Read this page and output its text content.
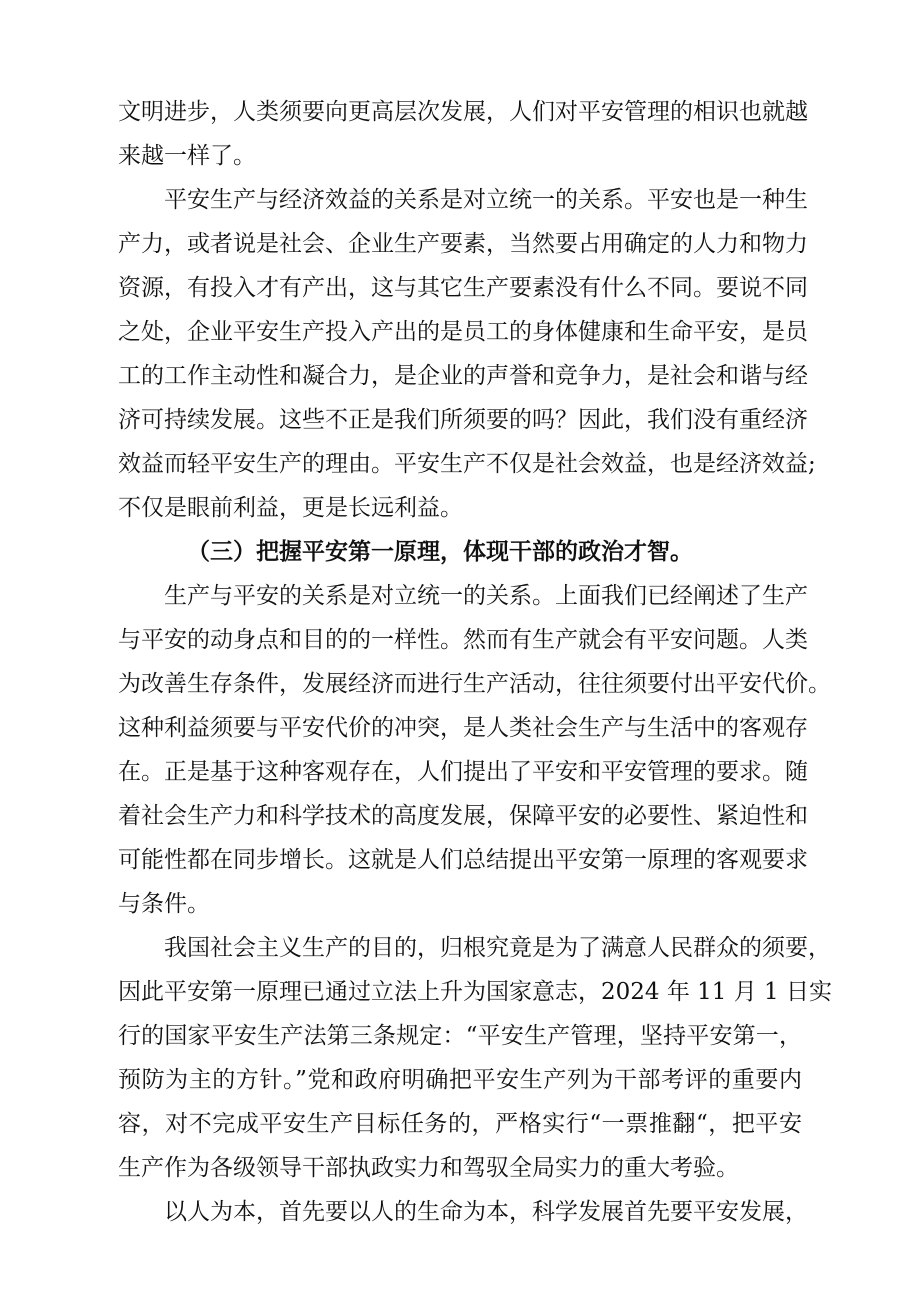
文明进步，人类须要向更高层次发展，人们对平安管理的相识也就越
来越一样了。
平安生产与经济效益的关系是对立统一的关系。平安也是一种生
产力，或者说是社会、企业生产要素，当然要占用确定的人力和物力
资源，有投入才有产出，这与其它生产要素没有什么不同。要说不同
之处，企业平安生产投入产出的是员工的身体健康和生命平安，是员
工的工作主动性和凝合力，是企业的声誉和竞争力，是社会和谐与经
济可持续发展。这些不正是我们所须要的吗？因此，我们没有重经济
效益而轻平安生产的理由。平安生产不仅是社会效益，也是经济效益;
不仅是眼前利益，更是长远利益。
（三）把握平安第一原理，体现干部的政治才智。
生产与平安的关系是对立统一的关系。上面我们已经阐述了生产
与平安的动身点和目的的一样性。然而有生产就会有平安问题。人类
为改善生存条件，发展经济而进行生产活动，往往须要付出平安代价。
这种利益须要与平安代价的冲突，是人类社会生产与生活中的客观存
在。正是基于这种客观存在，人们提出了平安和平安管理的要求。随
着社会生产力和科学技术的高度发展，保障平安的必要性、紧迫性和
可能性都在同步增长。这就是人们总结提出平安第一原理的客观要求
与条件。
我国社会主义生产的目的，归根究竟是为了满意人民群众的须要，
因此平安第一原理已通过立法上升为国家意志，2024 年 11 月 1 日实
行的国家平安生产法第三条规定：“平安生产管理，坚持平安第一，
预防为主的方针。”党和政府明确把平安生产列为干部考评的重要内
容，对不完成平安生产目标任务的，严格实行“一票推翻“，把平安
生产作为各级领导干部执政实力和驾驭全局实力的重大考验。
以人为本，首先要以人的生命为本，科学发展首先要平安发展，
